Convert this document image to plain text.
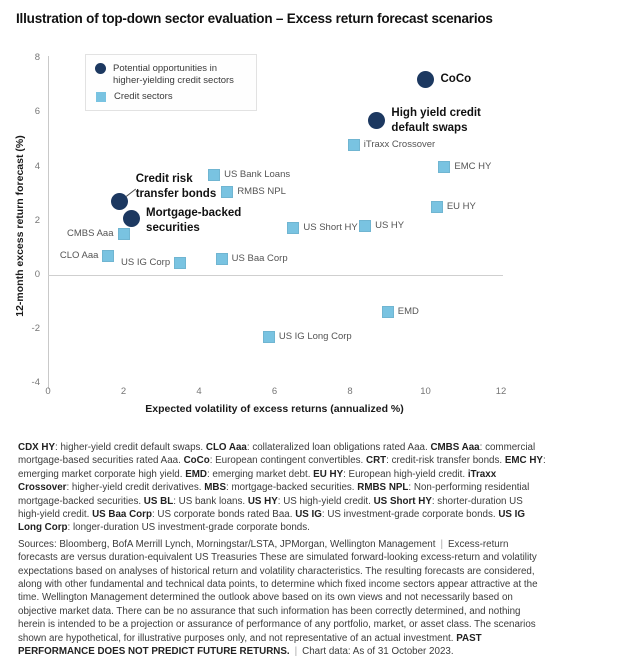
Illustration of top-down sector evaluation – Excess return forecast scenarios
12-month excess return forecast (%)
Expected volatility of excess returns (annualized %)
Potential opportunities in higher-yielding credit sectors
Credit sectors
8
6
4
2
0
-2
-4
0	2	4	6	8	10	12
CoCo
High yield credit
default swaps
Credit risk
transfer bonds
Mortgage-backed
securities
iTraxx Crossover
EMC HY
EU HY
US HY
US Short HY
US Bank Loans
RMBS NPL
CMBS Aaa
CLO Aaa
US IG Corp	US Baa Corp
EMD
US IG Long Corp
CDX HY: higher-yield credit default swaps. CLO Aaa: collateralized loan obligations rated Aaa. CMBS Aaa: commercial mortgage-based securities rated Aaa. CoCo: European contingent convertibles. CRT: credit-risk transfer bonds. EMC HY: emerging market corporate high yield. EMD: emerging market debt. EU HY: European high-yield credit. iTraxx Crossover: higher-yield credit derivatives. MBS: mortgage-backed securities. RMBS NPL: Non-performing residential mortgage-backed securities. US BL: US bank loans. US HY: US high-yield credit. US Short HY: shorter-duration US high-yield credit. US Baa Corp: US corporate bonds rated Baa. US IG: US investment-grade corporate bonds. US IG Long Corp: longer-duration US investment-grade corporate bonds.
Sources: Bloomberg, BofA Merrill Lynch, Morningstar/LSTA, JPMorgan, Wellington Management | Excess-return forecasts are versus duration-equivalent US Treasuries These are simulated forward-looking excess-return and volatility expectations based on analyses of historical return and volatility characteristics. The resulting forecasts are considered, along with other fundamental and technical data points, to determine which fixed income sectors appear attractive at the time. Wellington Management determined the outlook above based on its own views and not necessarily based on objective market data. There can be no assurance that such information has been correctly determined, and nothing herein is intended to be a projection or assurance of performance of any portfolio, market, or asset class. The scenarios shown are hypothetical, for illustrative purposes only, and not representative of an actual investment. PAST PERFORMANCE DOES NOT PREDICT FUTURE RETURNS. | Chart data: As of 31 October 2023.
